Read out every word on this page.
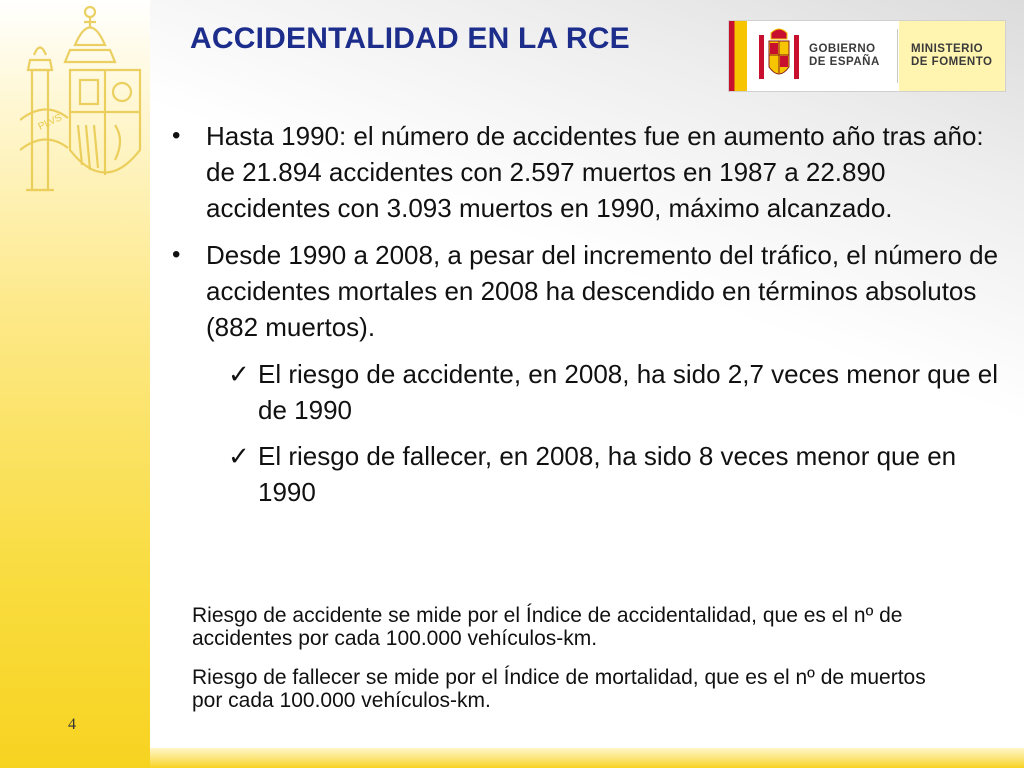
PLVS
ACCIDENTALIDAD EN LA RCE	GOBIERNO
DE ESPAÑA
MINISTERIO
DE FOMENTO

• Hasta 1990: el número de accidentes fue en aumento año tras año: de 21.894 accidentes con 2.597 muertos en 1987 a 22.890 accidentes con 3.093 muertos en 1990, máximo alcanzado.

• Desde 1990 a 2008, a pesar del incremento del tráfico, el número de accidentes mortales en 2008 ha descendido en términos absolutos (882 muertos).

✓ El riesgo de accidente, en 2008, ha sido 2,7 veces menor que el de 1990

✓ El riesgo de fallecer, en 2008, ha sido 8 veces menor que en 1990

Riesgo de accidente se mide por el Índice de accidentalidad, que es el nº de accidentes por cada 100.000 vehículos-km.

Riesgo de fallecer se mide por el Índice de mortalidad, que es el nº de muertos por cada 100.000 vehículos-km.

4
